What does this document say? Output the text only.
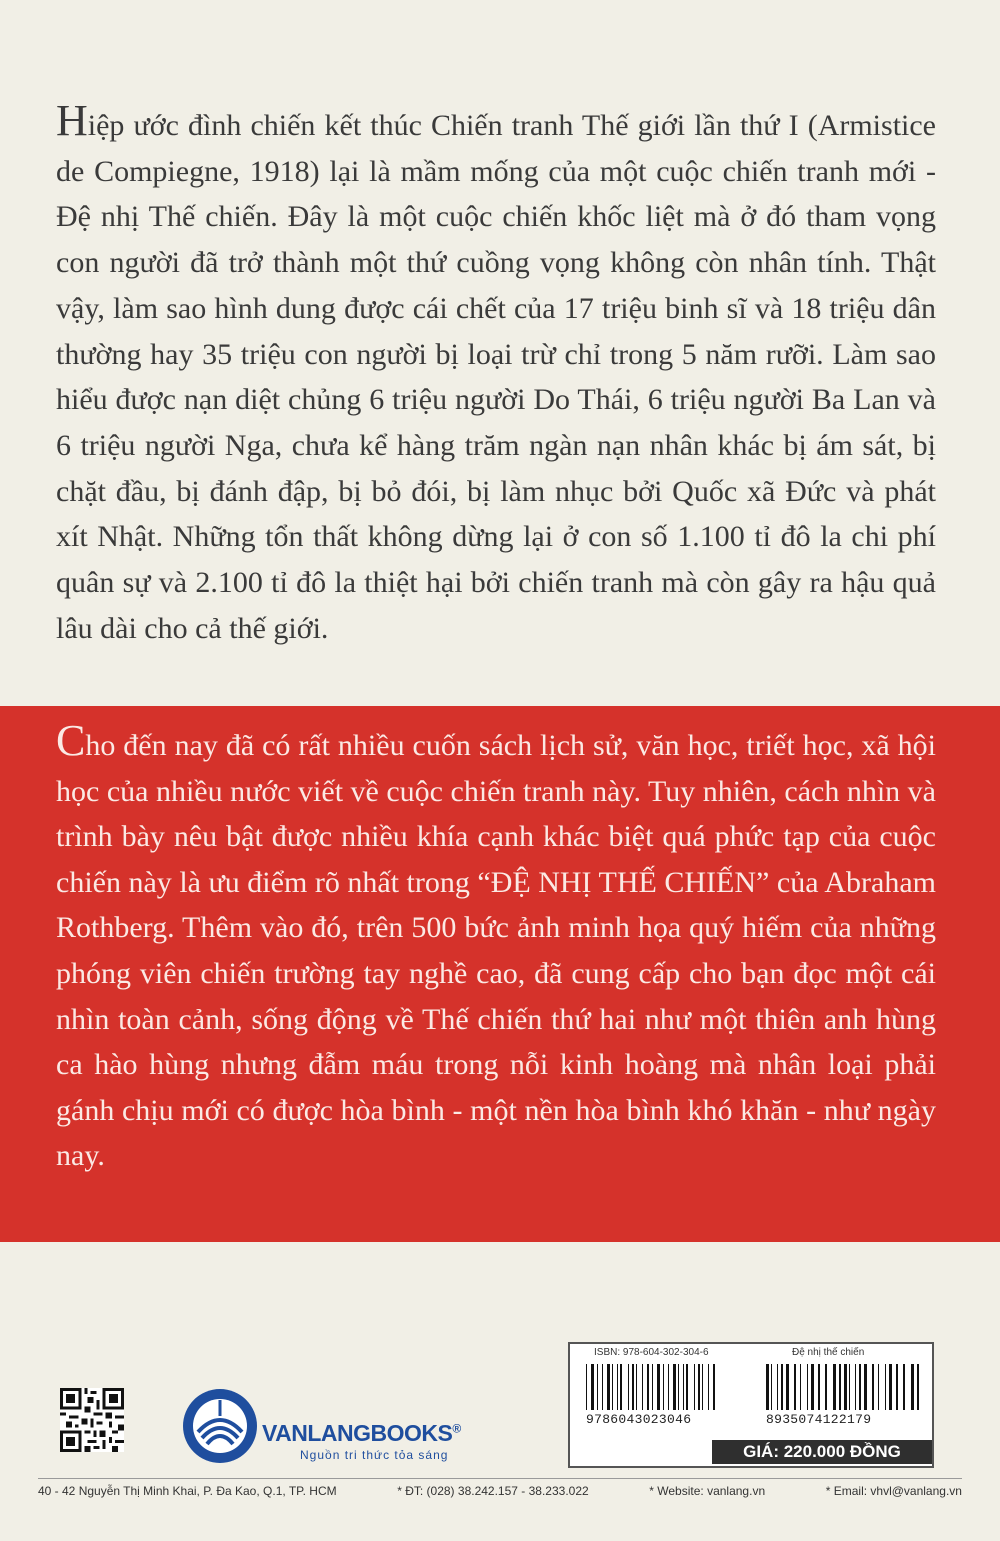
Hiệp ước đình chiến kết thúc Chiến tranh Thế giới lần thứ I (Armistice de Compiegne, 1918) lại là mầm mống của một cuộc chiến tranh mới - Đệ nhị Thế chiến. Đây là một cuộc chiến khốc liệt mà ở đó tham vọng con người đã trở thành một thứ cuồng vọng không còn nhân tính. Thật vậy, làm sao hình dung được cái chết của 17 triệu binh sĩ và 18 triệu dân thường hay 35 triệu con người bị loại trừ chỉ trong 5 năm rưỡi. Làm sao hiểu được nạn diệt chủng 6 triệu người Do Thái, 6 triệu người Ba Lan và 6 triệu người Nga, chưa kể hàng trăm ngàn nạn nhân khác bị ám sát, bị chặt đầu, bị đánh đập, bị bỏ đói, bị làm nhục bởi Quốc xã Đức và phát xít Nhật. Những tổn thất không dừng lại ở con số 1.100 tỉ đô la chi phí quân sự và 2.100 tỉ đô la thiệt hại bởi chiến tranh mà còn gây ra hậu quả lâu dài cho cả thế giới.
Cho đến nay đã có rất nhiều cuốn sách lịch sử, văn học, triết học, xã hội học của nhiều nước viết về cuộc chiến tranh này. Tuy nhiên, cách nhìn và trình bày nêu bật được nhiều khía cạnh khác biệt quá phức tạp của cuộc chiến này là ưu điểm rõ nhất trong “ĐỆ NHỊ THẾ CHIẾN” của Abraham Rothberg. Thêm vào đó, trên 500 bức ảnh minh họa quý hiếm của những phóng viên chiến trường tay nghề cao, đã cung cấp cho bạn đọc một cái nhìn toàn cảnh, sống động về Thế chiến thứ hai như một thiên anh hùng ca hào hùng nhưng đẫm máu trong nỗi kinh hoàng mà nhân loại phải gánh chịu mới có được hòa bình - một nền hòa bình khó khăn - như ngày nay.
VANLANGBOOKS®
Nguồn tri thức tỏa sáng
ISBN: 978-604-302-304-6	Đệ nhị thế chiến
9786043023046	8935074122179
GIÁ: 220.000 ĐỒNG
40 - 42 Nguyễn Thị Minh Khai, P. Đa Kao, Q.1, TP. HCM	* ĐT: (028) 38.242.157 - 38.233.022	* Website: vanlang.vn	* Email: vhvl@vanlang.vn
